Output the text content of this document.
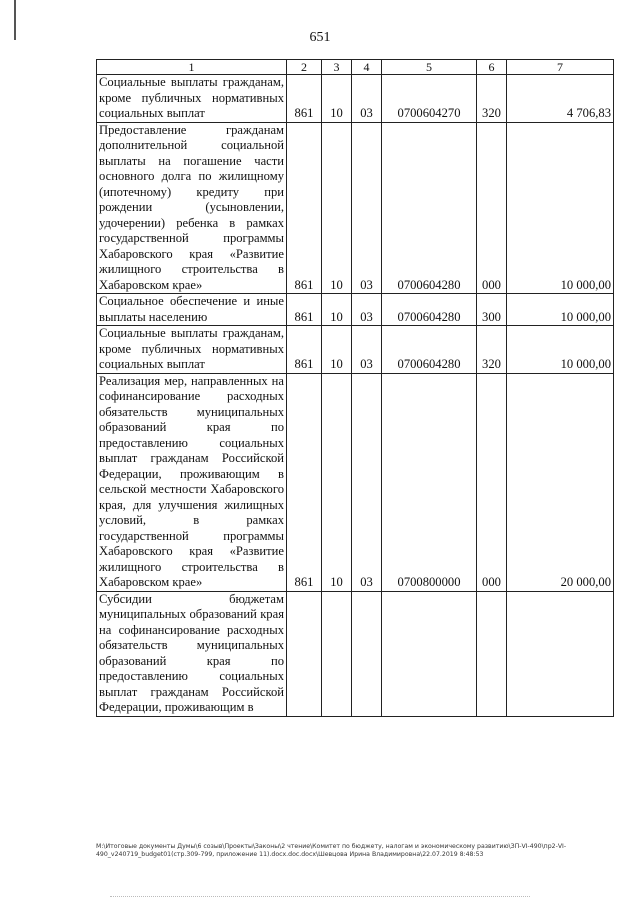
651
1	2	3	4	5	6	7
Социальные выплаты гражданам, кроме публичных нормативных социальных выплат	861	10	03	0700604270	320	4 706,83
Предоставление гражданам дополнительной социальной выплаты на погашение части основного долга по жилищному (ипотечному) кредиту при рождении (усыновлении, удочерении) ребенка в рамках государственной программы Хабаровского края «Развитие жилищного строительства в Хабаровском крае»	861	10	03	0700604280	000	10 000,00
Социальное обеспечение и иные выплаты населению	861	10	03	0700604280	300	10 000,00
Социальные выплаты гражданам, кроме публичных нормативных социальных выплат	861	10	03	0700604280	320	10 000,00
Реализация мер, направленных на софинансирование расходных обязательств муниципальных образований края по предоставлению социальных выплат гражданам Российской Федерации, проживающим в сельской местности Хабаровского края, для улучшения жилищных условий, в рамках государственной программы Хабаровского края «Развитие жилищного строительства в Хабаровском крае»	861	10	03	0700800000	000	20 000,00
Субсидии бюджетам муниципальных образований края на софинансирование расходных обязательств муниципальных образований края по предоставлению социальных выплат гражданам Российской Федерации, проживающим в						
М:\Итоговые документы Думы\6 созыв\Проекты\Законы\2 чтение\Комитет по бюджету, налогам и экономическому развитию\ЗП-VI-490\пр2-VI-490_v240719_budget01(стр.309-799, приложение 11).docx.doc.docx\Шевцова Ирина Владимировна\22.07.2019 8:48:53
